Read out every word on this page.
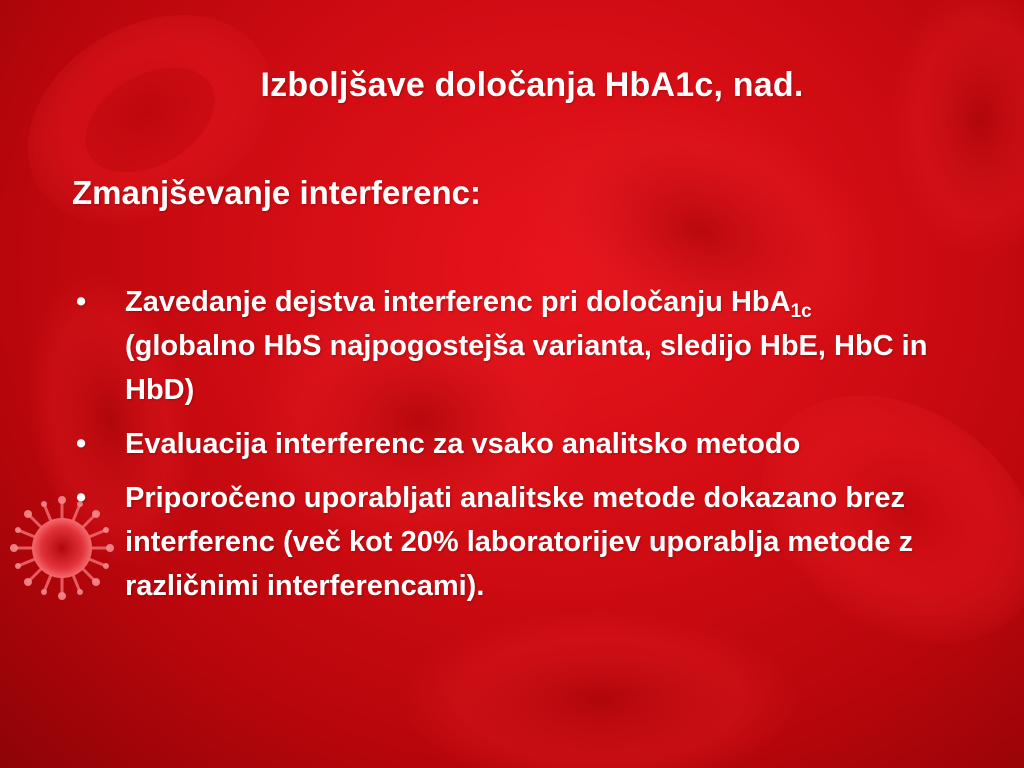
Izboljšave določanja HbA1c, nad.
Zmanjševanje interferenc:
• Zavedanje dejstva interferenc pri določanju HbA$_{1c}$
(globalno HbS najpogostejša varianta, sledijo HbE, HbC in HbD)
• Evaluacija interferenc za vsako analitsko metodo
• Priporočeno uporabljati analitske metode dokazano brez interferenc (več kot 20% laboratorijev uporablja metode z različnimi interferencami).
